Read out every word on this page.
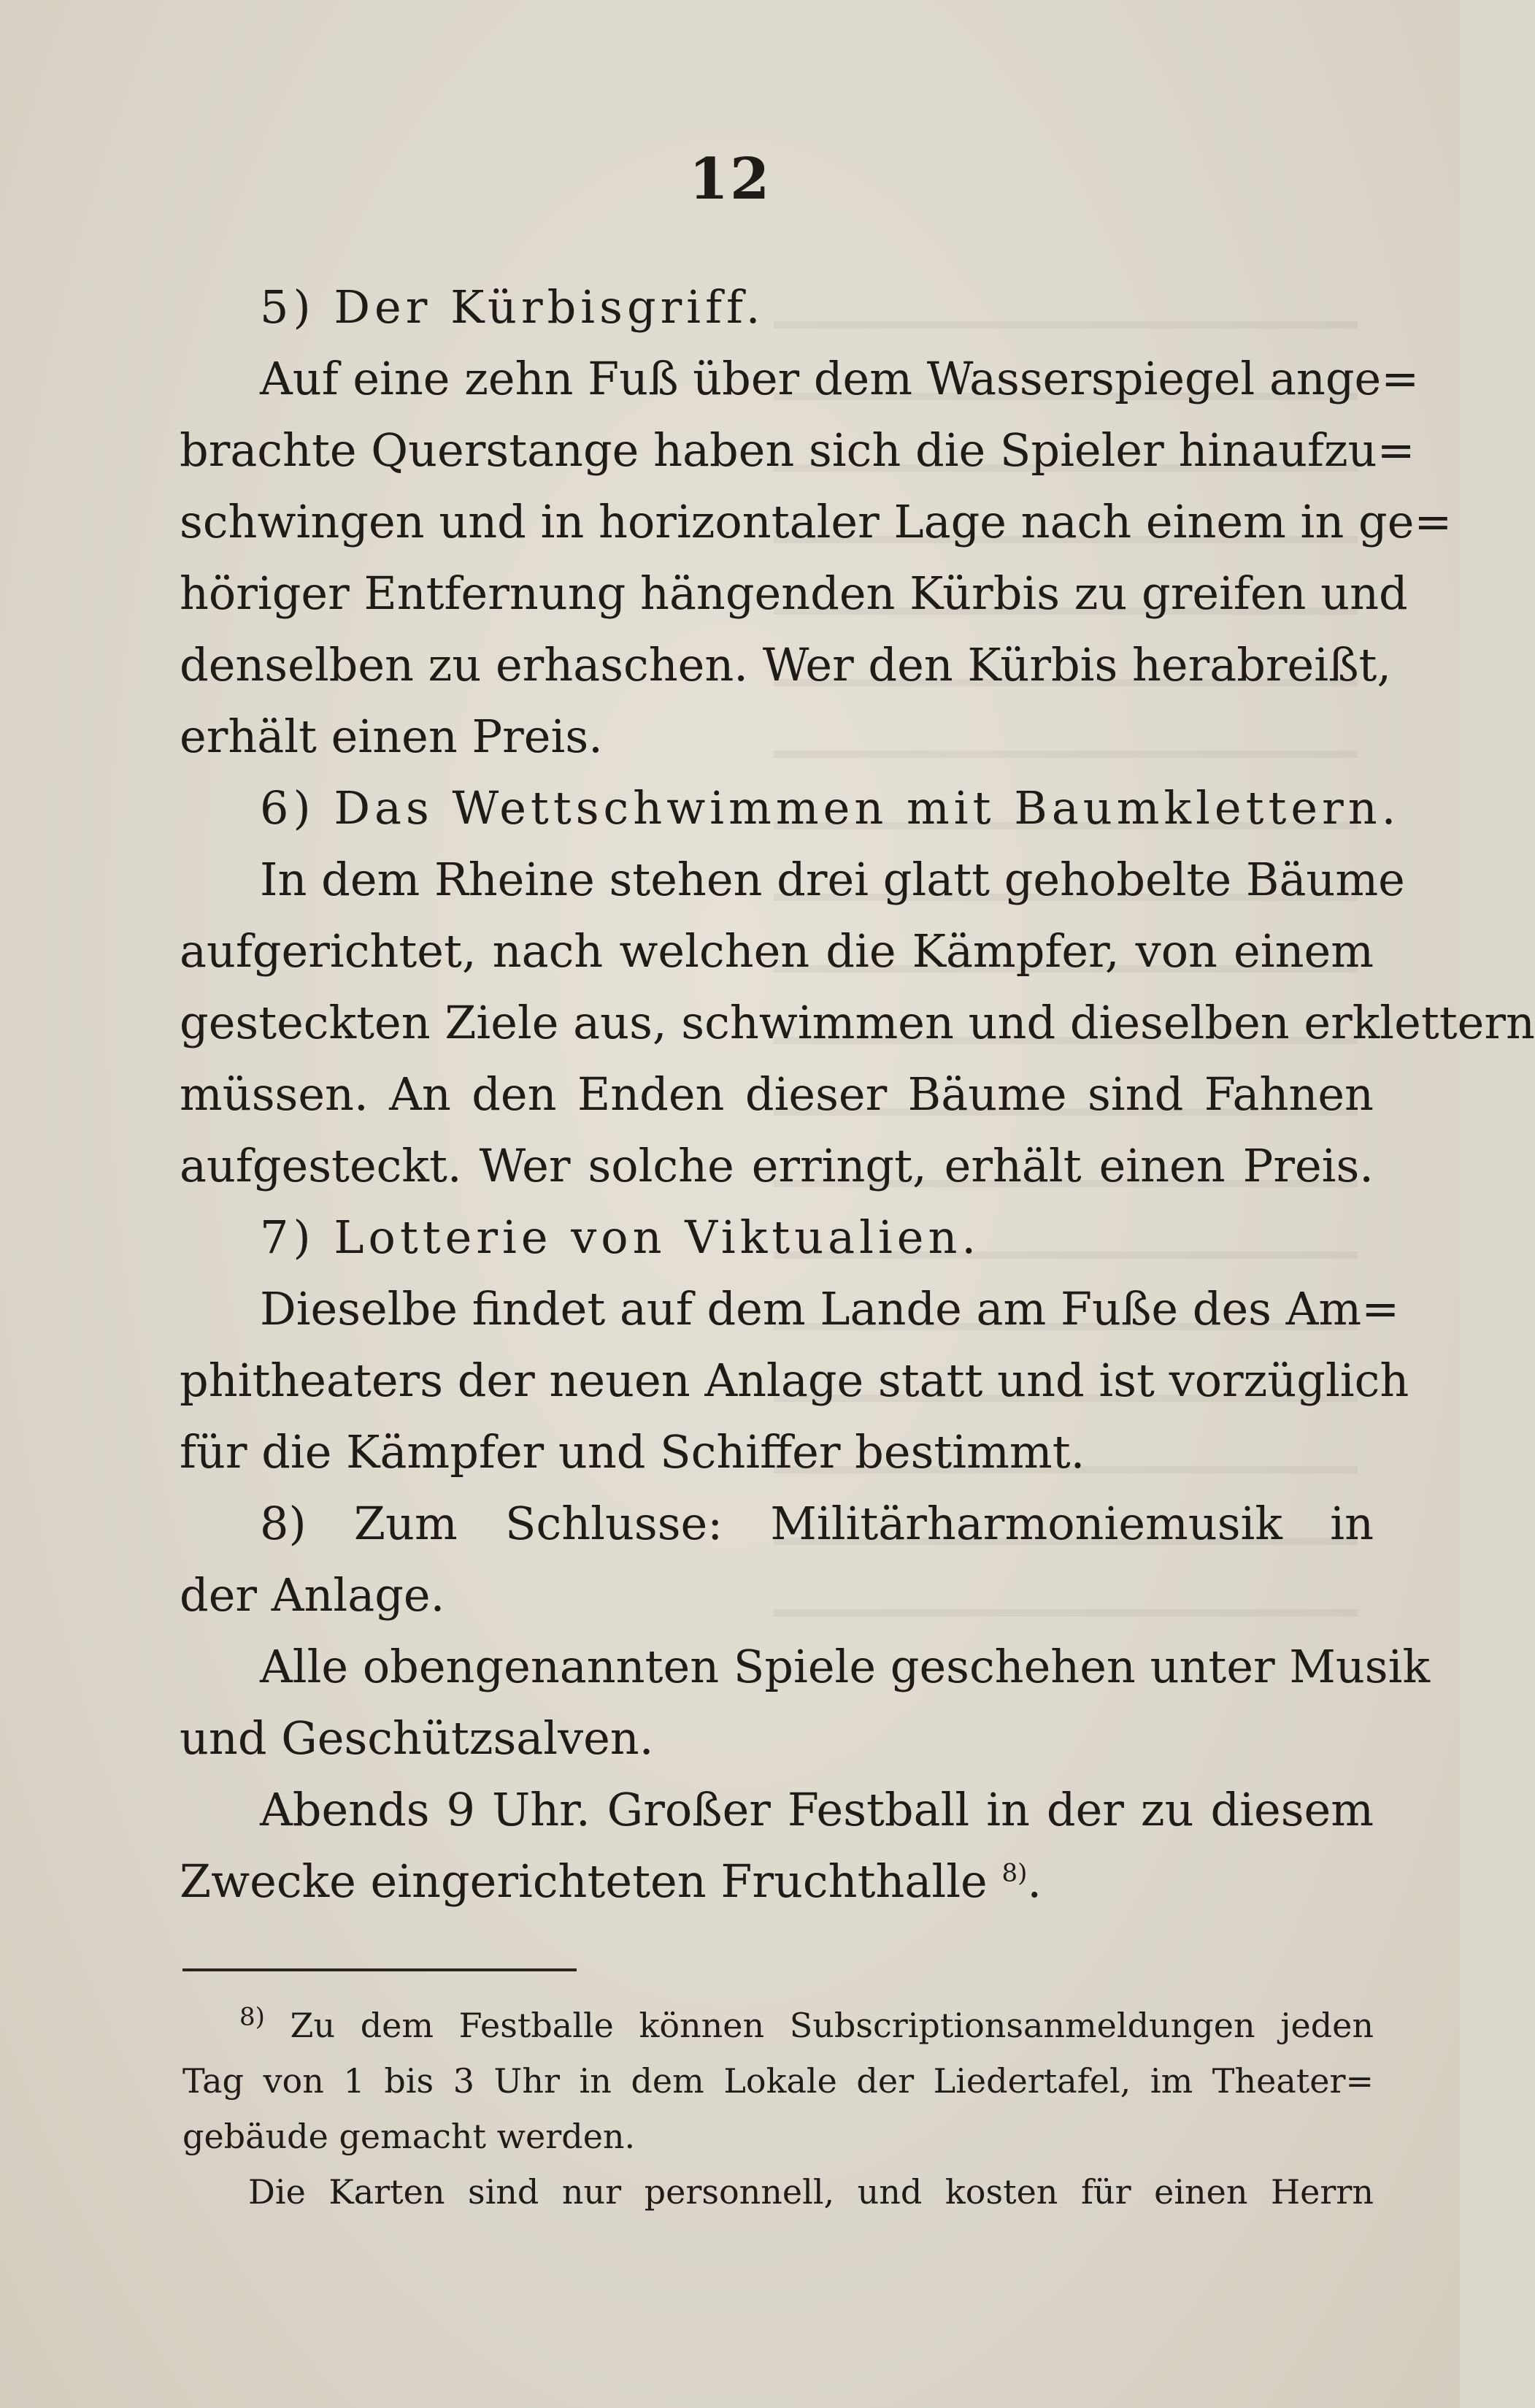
12
5) Der Kürbisgriff.
Auf eine zehn Fuß über dem Wasserspiegel ange=
brachte Querstange haben sich die Spieler hinaufzu=
schwingen und in horizontaler Lage nach einem in ge=
höriger Entfernung hängenden Kürbis zu greifen und
denselben zu erhaschen. Wer den Kürbis herabreißt,
erhält einen Preis.
6) Das Wettschwimmen mit Baumklettern.
In dem Rheine stehen drei glatt gehobelte Bäume
aufgerichtet, nach welchen die Kämpfer, von einem
gesteckten Ziele aus, schwimmen und dieselben erklettern
müssen. An den Enden dieser Bäume sind Fahnen
aufgesteckt. Wer solche erringt, erhält einen Preis.
7) Lotterie von Viktualien.
Dieselbe findet auf dem Lande am Fuße des Am=
phitheaters der neuen Anlage statt und ist vorzüglich
für die Kämpfer und Schiffer bestimmt.
8) Zum Schlusse: Militärharmoniemusik in
der Anlage.
Alle obengenannten Spiele geschehen unter Musik
und Geschützsalven.
Abends 9 Uhr. Großer Festball in der zu diesem
Zwecke eingerichteten Fruchthalle $^{8)}$.
$^{8)}$ Zu dem Festballe können Subscriptionsanmeldungen jeden
Tag von 1 bis 3 Uhr in dem Lokale der Liedertafel, im Theater=
gebäude gemacht werden.
Die Karten sind nur personnell, und kosten für einen Herrn
